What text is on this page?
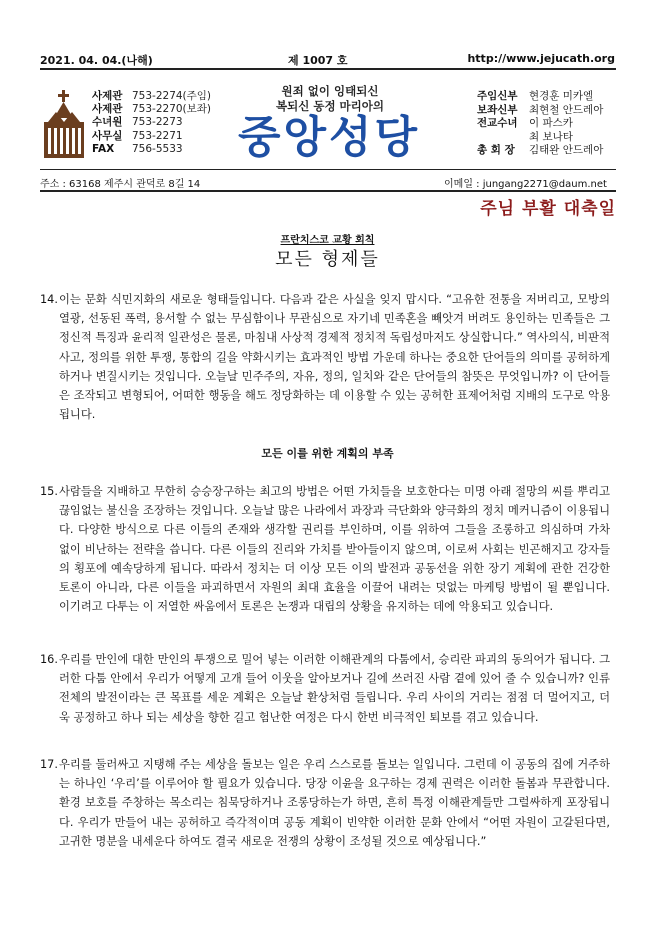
2021. 04. 04.(나해)	제 1007 호	http://www.jejucath.org
사제관 753-2274(주임)
사제관 753-2270(보좌)
수녀원 753-2273
사무실 753-2271
FAX	756-5533
원죄 없이 잉태되신
복되신 동정 마리아의
중앙성당
주임신부	현경훈 미카엘
보좌신부	최현철 안드레아
전교수녀	이 파스카
최 보나타
총 회 장	김태완 안드레아
주소 : 63168 제주시 관덕로 8길 14	이메일 : jungang2271@daum.net
주님 부활 대축일
프란치스코 교황 회칙
모든 형제들
14. 이는 문화 식민지화의 새로운 형태들입니다. 다음과 같은 사실을 잊지 맙시다. “고유한 전통을 저버리고, 모방의 열광, 선동된 폭력, 용서할 수 없는 무심함이나 무관심으로 자기네 민족혼을 빼앗겨 버려도 용인하는 민족들은 그 정신적 특징과 윤리적 일관성은 물론, 마침내 사상적 경제적 정치적 독립성마저도 상실합니다.” 역사의식, 비판적 사고, 정의를 위한 투쟁, 통합의 길을 약화시키는 효과적인 방법 가운데 하나는 중요한 단어들의 의미를 공허하게 하거나 변질시키는 것입니다. 오늘날 민주주의, 자유, 정의, 일치와 같은 단어들의 참뜻은 무엇입니까? 이 단어들은 조작되고 변형되어, 어떠한 행동을 해도 정당화하는 데 이용할 수 있는 공허한 표제어처럼 지배의 도구로 악용됩니다.
모든 이를 위한 계획의 부족
15. 사람들을 지배하고 무한히 승승장구하는 최고의 방법은 어떤 가치들을 보호한다는 미명 아래 절망의 씨를 뿌리고 끊임없는 불신을 조장하는 것입니다. 오늘날 많은 나라에서 과장과 극단화와 양극화의 정치 메커니즘이 이용됩니다. 다양한 방식으로 다른 이들의 존재와 생각할 권리를 부인하며, 이를 위하여 그들을 조롱하고 의심하며 가차 없이 비난하는 전략을 씁니다. 다른 이들의 진리와 가치를 받아들이지 않으며, 이로써 사회는 빈곤해지고 강자들의 횡포에 예속당하게 됩니다. 따라서 정치는 더 이상 모든 이의 발전과 공동선을 위한 장기 계획에 관한 건강한 토론이 아니라, 다른 이들을 파괴하면서 자원의 최대 효율을 이끌어 내려는 덧없는 마케팅 방법이 될 뿐입니다. 이기려고 다투는 이 저열한 싸움에서 토론은 논쟁과 대립의 상황을 유지하는 데에 악용되고 있습니다.
16. 우리를 만인에 대한 만인의 투쟁으로 밀어 넣는 이러한 이해관계의 다툼에서, 승리란 파괴의 동의어가 됩니다. 그러한 다툼 안에서 우리가 어떻게 고개 들어 이웃을 알아보거나 길에 쓰러진 사람 곁에 있어 줄 수 있습니까? 인류 전체의 발전이라는 큰 목표를 세운 계획은 오늘날 환상처럼 들립니다. 우리 사이의 거리는 점점 더 멀어지고, 더욱 공정하고 하나 되는 세상을 향한 길고 험난한 여정은 다시 한번 비극적인 퇴보를 겪고 있습니다.
17. 우리를 둘러싸고 지탱해 주는 세상을 돌보는 일은 우리 스스로를 돌보는 일입니다. 그런데 이 공동의 집에 거주하는 하나인 ‘우리’를 이루어야 할 필요가 있습니다. 당장 이윤을 요구하는 경제 권력은 이러한 돌봄과 무관합니다. 환경 보호를 주창하는 목소리는 침묵당하거나 조롱당하는가 하면, 흔히 특정 이해관계들만 그럴싸하게 포장됩니다. 우리가 만들어 내는 공허하고 즉각적이며 공동 계획이 빈약한 이러한 문화 안에서 “어떤 자원이 고갈된다면, 고귀한 명분을 내세운다 하여도 결국 새로운 전쟁의 상황이 조성될 것으로 예상됩니다.”
